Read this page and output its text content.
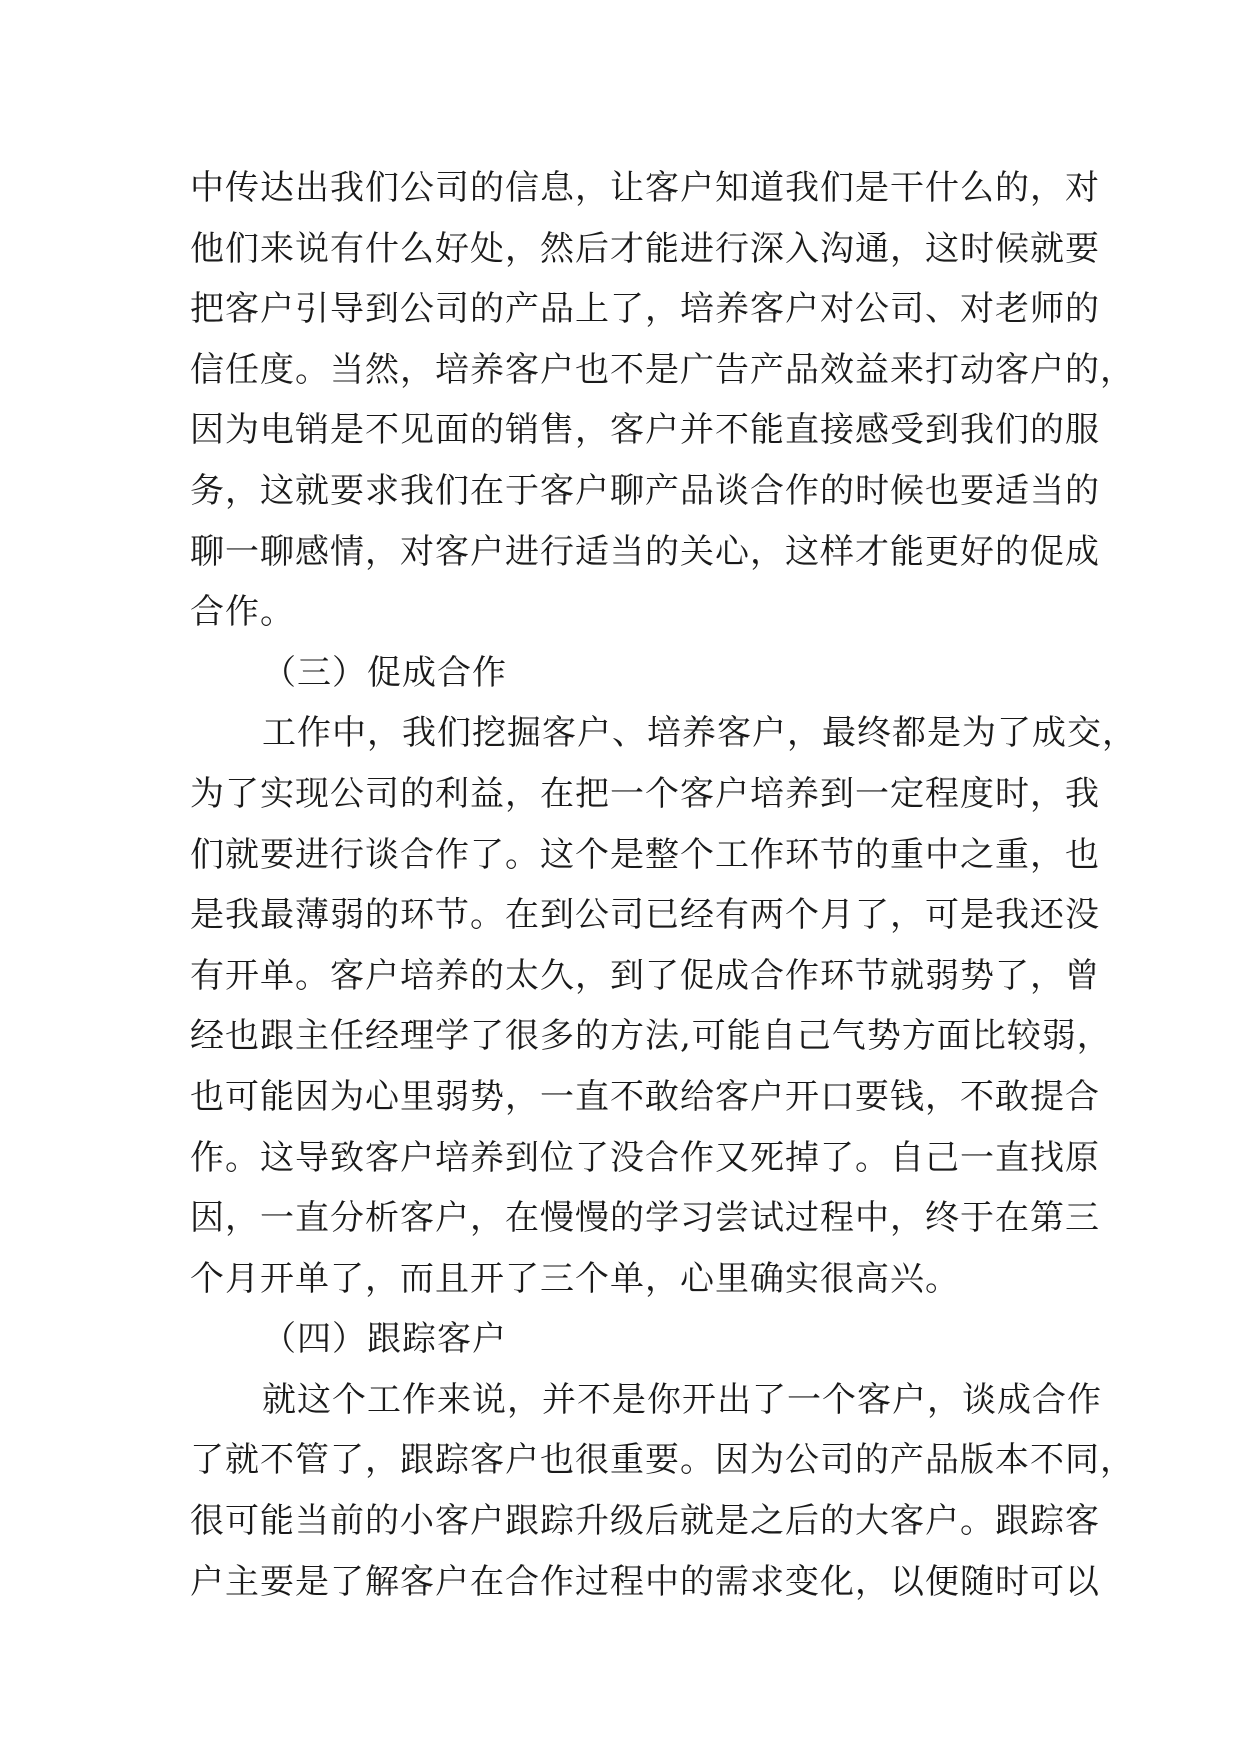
中传达出我们公司的信息，让客户知道我们是干什么的，对
他们来说有什么好处，然后才能进行深入沟通，这时候就要
把客户引导到公司的产品上了，培养客户对公司、对老师的
信任度。当然，培养客户也不是广告产品效益来打动客户的，
因为电销是不见面的销售，客户并不能直接感受到我们的服
务，这就要求我们在于客户聊产品谈合作的时候也要适当的
聊一聊感情，对客户进行适当的关心，这样才能更好的促成
合作。
（三）促成合作
工作中，我们挖掘客户、培养客户，最终都是为了成交，
为了实现公司的利益，在把一个客户培养到一定程度时，我
们就要进行谈合作了。这个是整个工作环节的重中之重，也
是我最薄弱的环节。在到公司已经有两个月了，可是我还没
有开单。客户培养的太久，到了促成合作环节就弱势了，曾
经也跟主任经理学了很多的方法,可能自己气势方面比较弱，
也可能因为心里弱势，一直不敢给客户开口要钱，不敢提合
作。这导致客户培养到位了没合作又死掉了。自己一直找原
因，一直分析客户，在慢慢的学习尝试过程中，终于在第三
个月开单了，而且开了三个单，心里确实很高兴。
（四）跟踪客户
就这个工作来说，并不是你开出了一个客户，谈成合作
了就不管了，跟踪客户也很重要。因为公司的产品版本不同，
很可能当前的小客户跟踪升级后就是之后的大客户。跟踪客
户主要是了解客户在合作过程中的需求变化，以便随时可以
